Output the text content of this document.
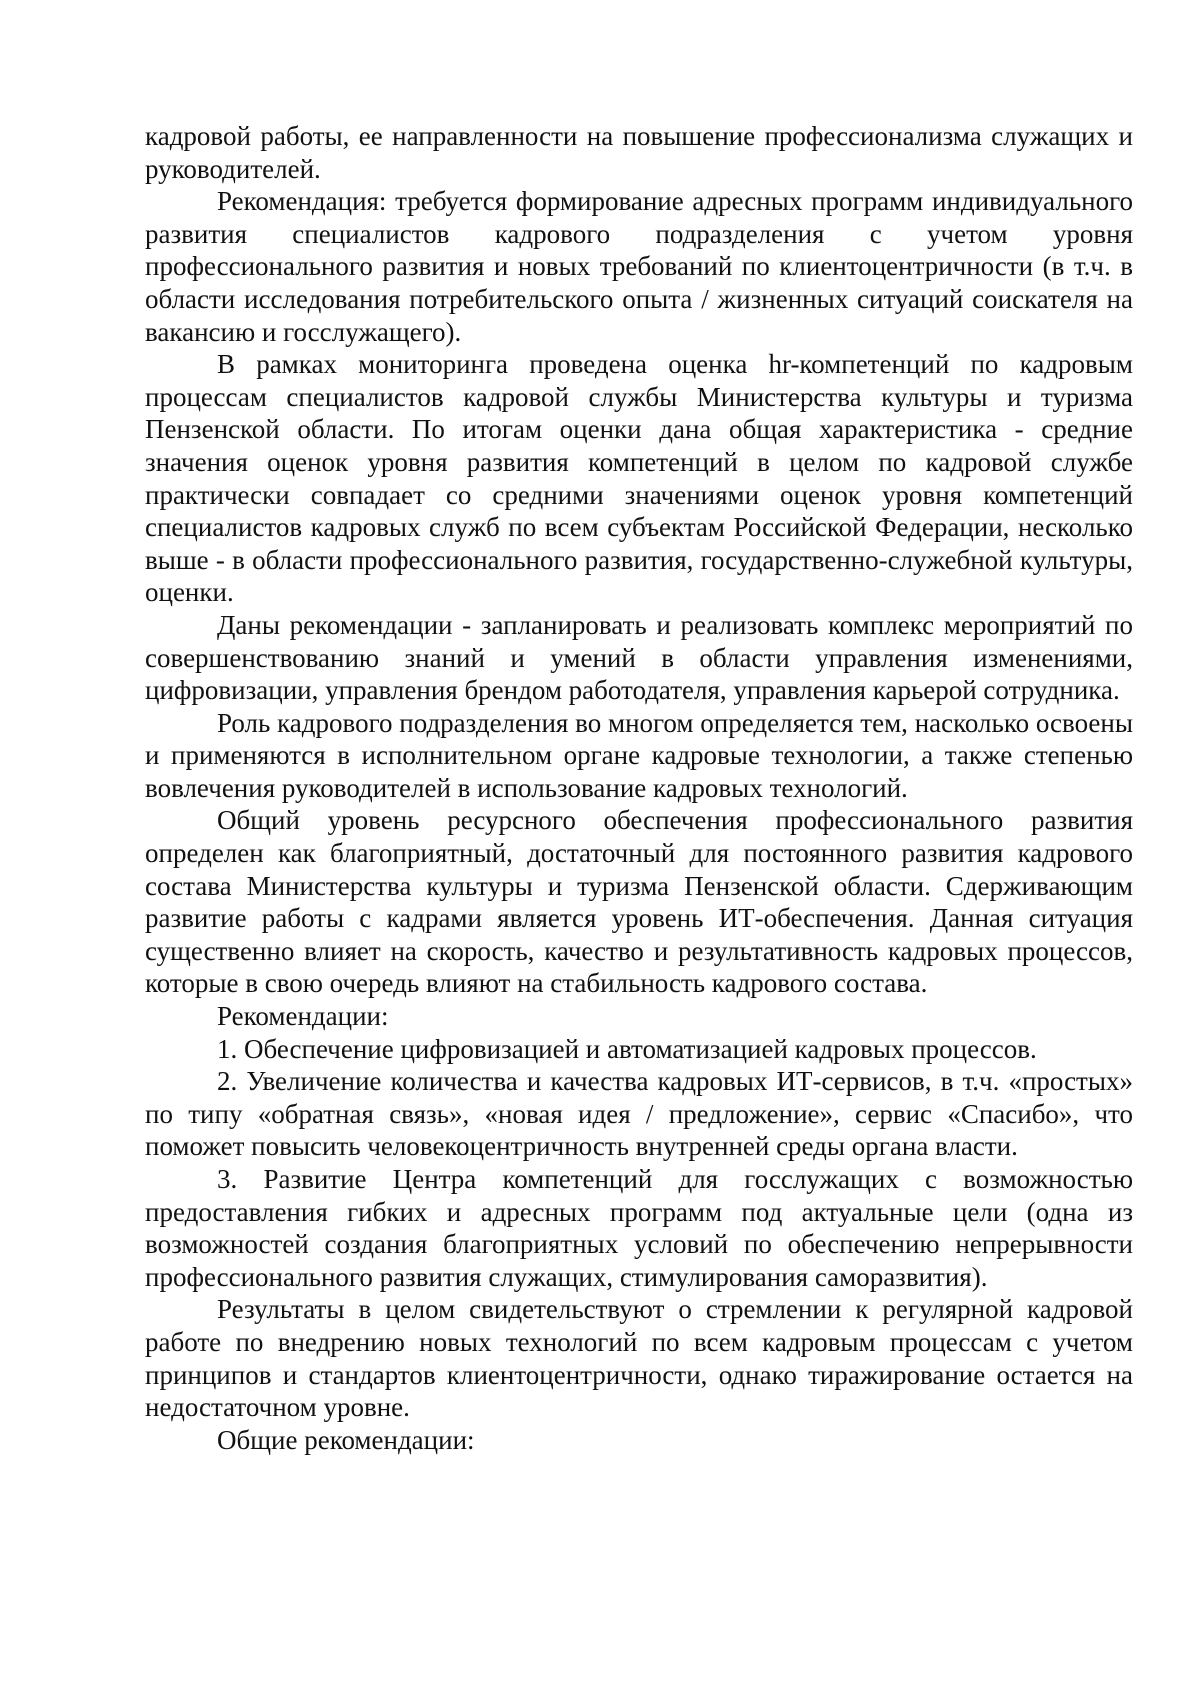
кадровой работы, ее направленности на повышение профессионализма служащих и руководителей.

Рекомендация: требуется формирование адресных программ индивидуального развития специалистов кадрового подразделения с учетом уровня профессионального развития и новых требований по клиентоцентричности (в т.ч. в области исследования потребительского опыта / жизненных ситуаций соискателя на вакансию и госслужащего).

В рамках мониторинга проведена оценка hr-компетенций по кадровым процессам специалистов кадровой службы Министерства культуры и туризма Пензенской области. По итогам оценки дана общая характеристика - средние значения оценок уровня развития компетенций в целом по кадровой службе практически совпадает со средними значениями оценок уровня компетенций специалистов кадровых служб по всем субъектам Российской Федерации, несколько выше - в области профессионального развития, государственно-служебной культуры, оценки.

Даны рекомендации - запланировать и реализовать комплекс мероприятий по совершенствованию знаний и умений в области управления изменениями, цифровизации, управления брендом работодателя, управления карьерой сотрудника.

Роль кадрового подразделения во многом определяется тем, насколько освоены и применяются в исполнительном органе кадровые технологии, а также степенью вовлечения руководителей в использование кадровых технологий.

Общий уровень ресурсного обеспечения профессионального развития определен как благоприятный, достаточный для постоянного развития кадрового состава Министерства культуры и туризма Пензенской области. Сдерживающим развитие работы с кадрами является уровень ИТ-обеспечения. Данная ситуация существенно влияет на скорость, качество и результативность кадровых процессов, которые в свою очередь влияют на стабильность кадрового состава.

Рекомендации:

1. Обеспечение цифровизацией и автоматизацией кадровых процессов.

2. Увеличение количества и качества кадровых ИТ-сервисов, в т.ч. «простых» по типу «обратная связь», «новая идея / предложение», сервис «Спасибо», что поможет повысить человекоцентричность внутренней среды органа власти.

3. Развитие Центра компетенций для госслужащих с возможностью предоставления гибких и адресных программ под актуальные цели (одна из возможностей создания благоприятных условий по обеспечению непрерывности профессионального развития служащих, стимулирования саморазвития).

Результаты в целом свидетельствуют о стремлении к регулярной кадровой работе по внедрению новых технологий по всем кадровым процессам с учетом принципов и стандартов клиентоцентричности, однако тиражирование остается на недостаточном уровне.

Общие рекомендации:
